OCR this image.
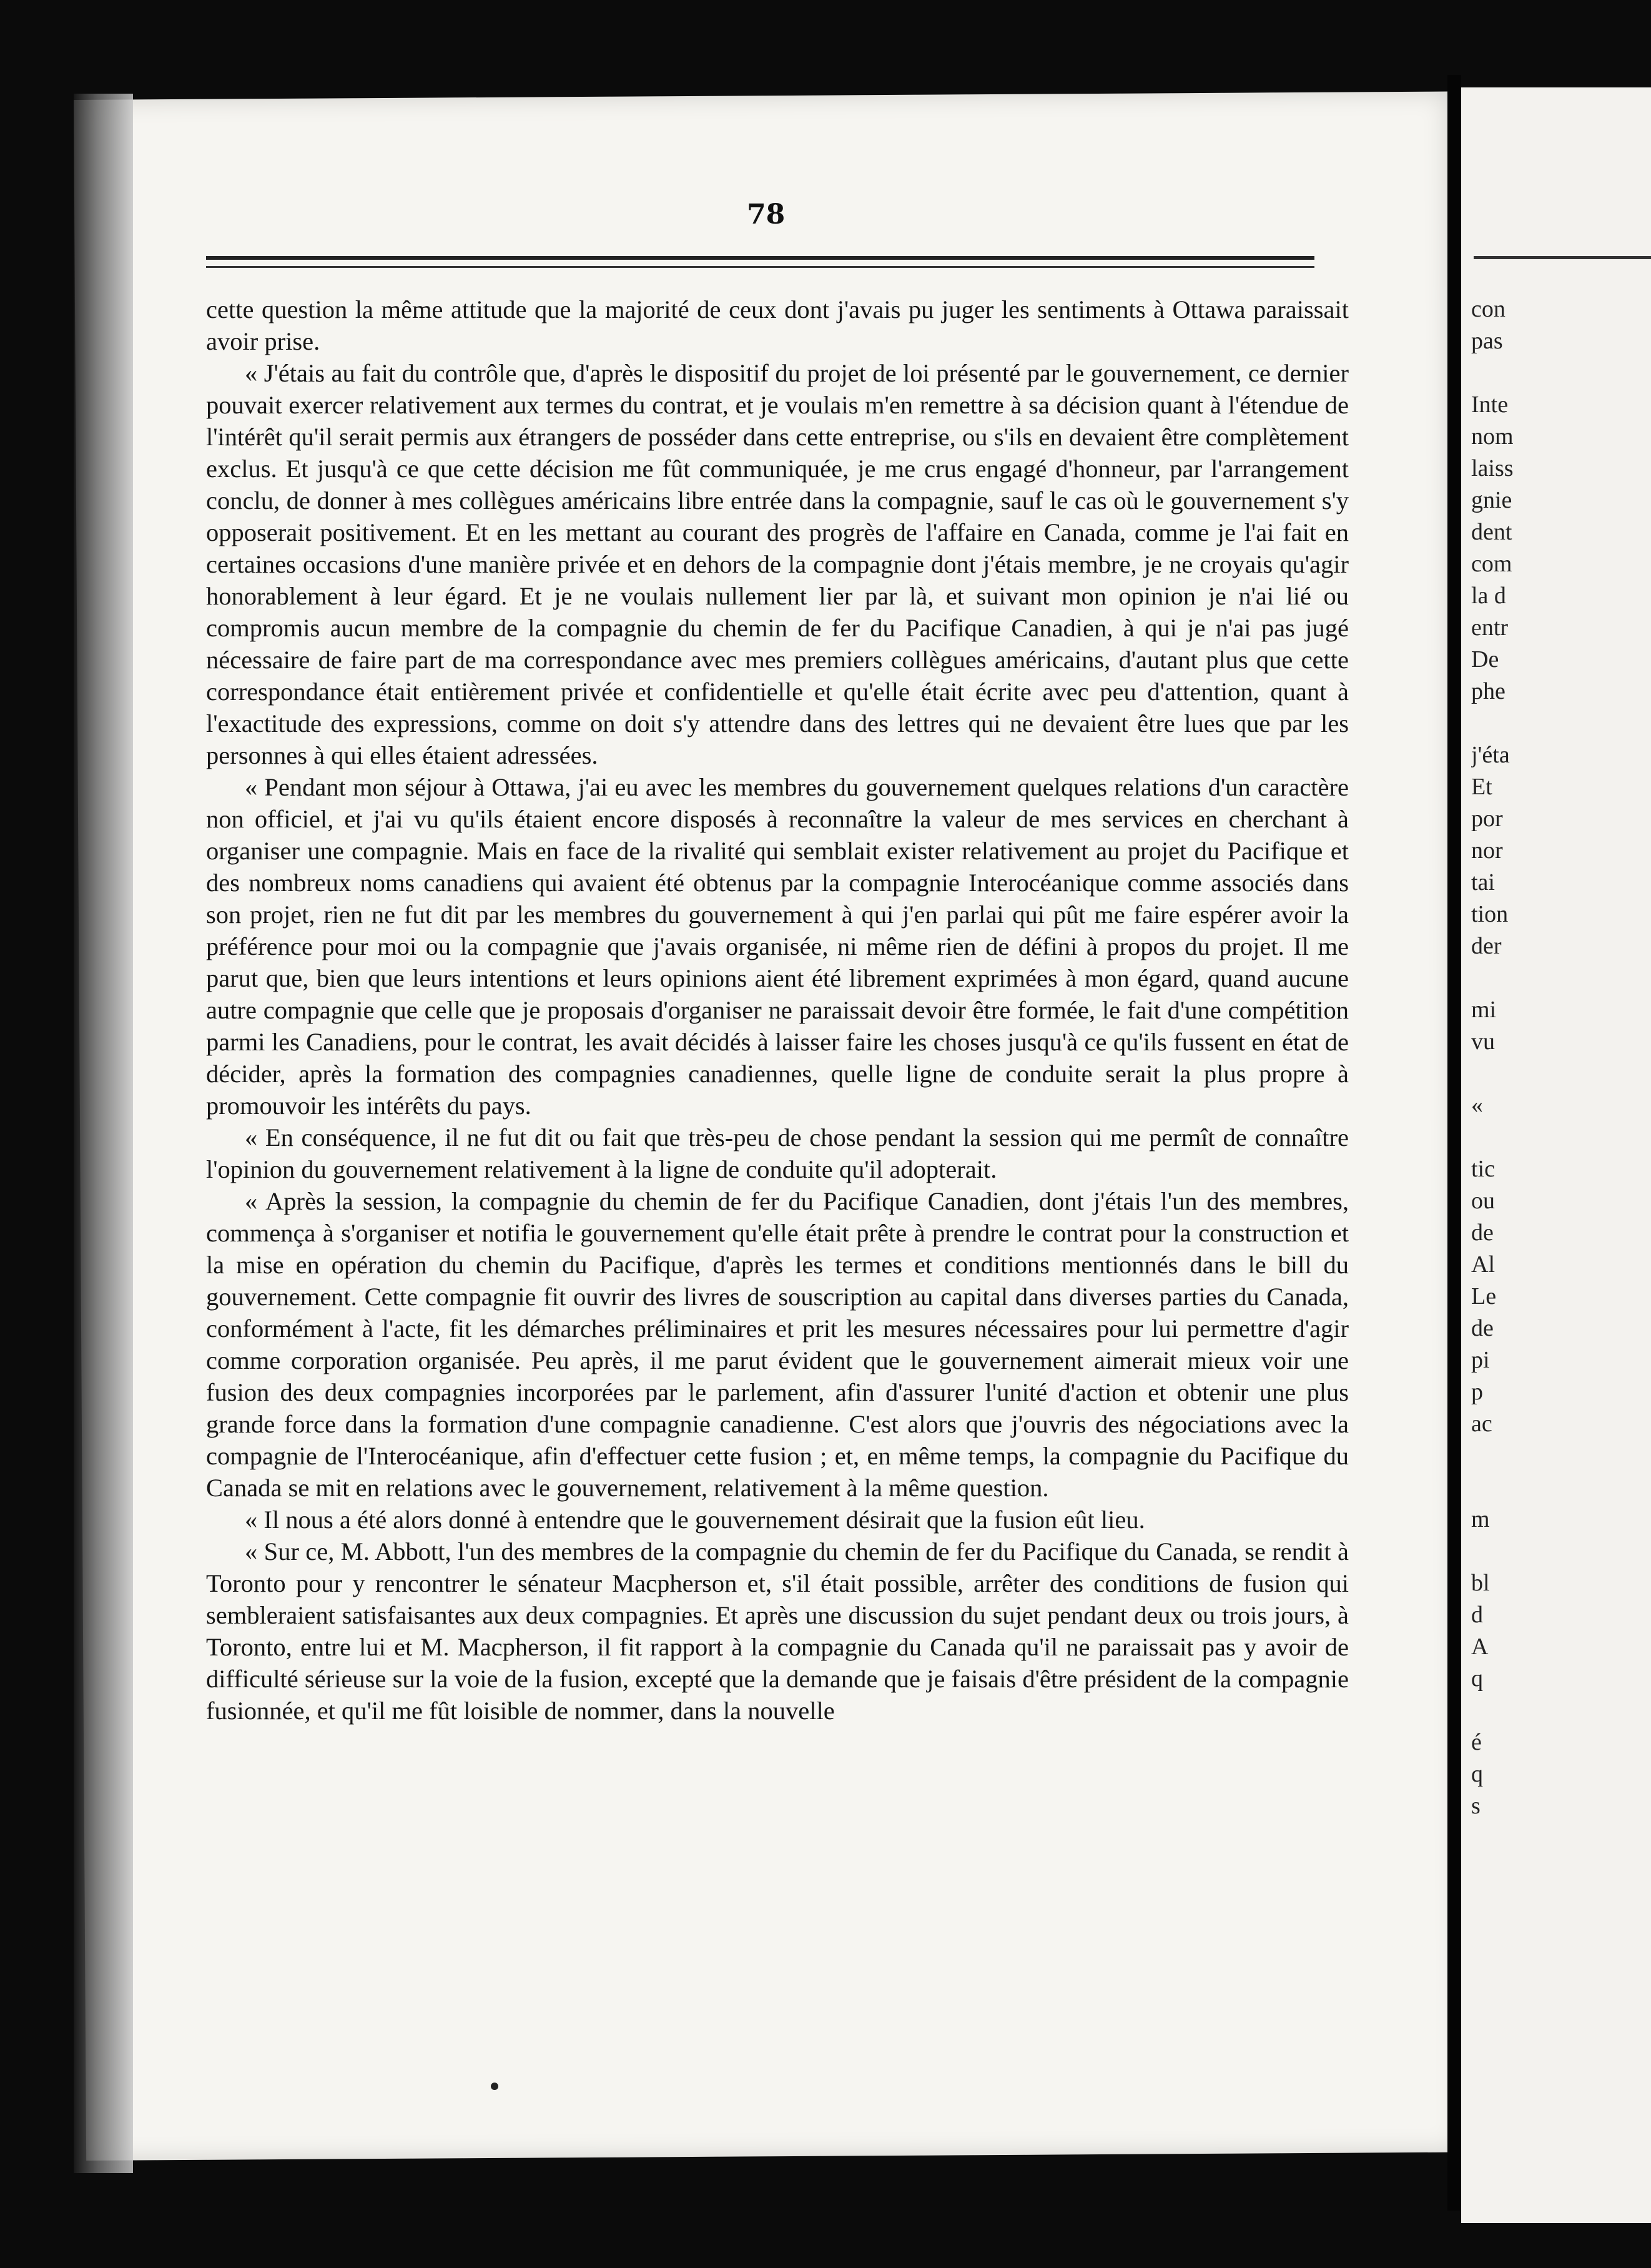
78

cette question la même attitude que la majorité de ceux dont j'avais pu juger les sentiments à Ottawa paraissait avoir prise.

« J'étais au fait du contrôle que, d'après le dispositif du projet de loi présenté par le gouvernement, ce dernier pouvait exercer relativement aux termes du contrat, et je voulais m'en remettre à sa décision quant à l'étendue de l'intérêt qu'il serait permis aux étrangers de posséder dans cette entreprise, ou s'ils en devaient être complètement exclus. Et jusqu'à ce que cette décision me fût communiquée, je me crus engagé d'honneur, par l'arrangement conclu, de donner à mes collègues américains libre entrée dans la compagnie, sauf le cas où le gouvernement s'y opposerait positivement. Et en les mettant au courant des progrès de l'affaire en Canada, comme je l'ai fait en certaines occasions d'une manière privée et en dehors de la compagnie dont j'étais membre, je ne croyais qu'agir honorablement à leur égard. Et je ne voulais nullement lier par là, et suivant mon opinion je n'ai lié ou compromis aucun membre de la compagnie du chemin de fer du Pacifique Canadien, à qui je n'ai pas jugé nécessaire de faire part de ma correspondance avec mes premiers collègues américains, d'autant plus que cette correspondance était entièrement privée et confidentielle et qu'elle était écrite avec peu d'attention, quant à l'exactitude des expressions, comme on doit s'y attendre dans des lettres qui ne devaient être lues que par les personnes à qui elles étaient adressées.

« Pendant mon séjour à Ottawa, j'ai eu avec les membres du gouvernement quelques relations d'un caractère non officiel, et j'ai vu qu'ils étaient encore disposés à reconnaître la valeur de mes services en cherchant à organiser une compagnie. Mais en face de la rivalité qui semblait exister relativement au projet du Pacifique et des nombreux noms canadiens qui avaient été obtenus par la compagnie Interocéanique comme associés dans son projet, rien ne fut dit par les membres du gouvernement à qui j'en parlai qui pût me faire espérer avoir la préférence pour moi ou la compagnie que j'avais organisée, ni même rien de défini à propos du projet. Il me parut que, bien que leurs intentions et leurs opinions aient été librement exprimées à mon égard, quand aucune autre compagnie que celle que je proposais d'organiser ne paraissait devoir être formée, le fait d'une compétition parmi les Canadiens, pour le contrat, les avait décidés à laisser faire les choses jusqu'à ce qu'ils fussent en état de décider, après la formation des compagnies canadiennes, quelle ligne de conduite serait la plus propre à promouvoir les intérêts du pays.

« En conséquence, il ne fut dit ou fait que très-peu de chose pendant la session qui me permît de connaître l'opinion du gouvernement relativement à la ligne de conduite qu'il adopterait.

« Après la session, la compagnie du chemin de fer du Pacifique Canadien, dont j'étais l'un des membres, commença à s'organiser et notifia le gouvernement qu'elle était prête à prendre le contrat pour la construction et la mise en opération du chemin du Pacifique, d'après les termes et conditions mentionnés dans le bill du gouvernement. Cette compagnie fit ouvrir des livres de souscription au capital dans diverses parties du Canada, conformément à l'acte, fit les démarches préliminaires et prit les mesures nécessaires pour lui permettre d'agir comme corporation organisée. Peu après, il me parut évident que le gouvernement aimerait mieux voir une fusion des deux compagnies incorporées par le parlement, afin d'assurer l'unité d'action et obtenir une plus grande force dans la formation d'une compagnie canadienne. C'est alors que j'ouvris des négociations avec la compagnie de l'Interocéanique, afin d'effectuer cette fusion ; et, en même temps, la compagnie du Pacifique du Canada se mit en relations avec le gouvernement, relativement à la même question.

« Il nous a été alors donné à entendre que le gouvernement désirait que la fusion eût lieu.

« Sur ce, M. Abbott, l'un des membres de la compagnie du chemin de fer du Pacifique du Canada, se rendit à Toronto pour y rencontrer le sénateur Macpherson et, s'il était possible, arrêter des conditions de fusion qui sembleraient satisfaisantes aux deux compagnies. Et après une discussion du sujet pendant deux ou trois jours, à Toronto, entre lui et M. Macpherson, il fit rapport à la compagnie du Canada qu'il ne paraissait pas y avoir de difficulté sérieuse sur la voie de la fusion, excepté que la demande que je faisais d'être président de la compagnie fusionnée, et qu'il me fût loisible de nommer, dans la nouvelle

con
pas

Inte
nom
laiss
gnie
dent
com
la d
entr
De
phe

j'éta
Et
por
nor
tai
tion
der

mi
vu

«

tic
ou
de
Al
Le
de
pi
p
ac

m

bl
d
A
q

é
q
s
